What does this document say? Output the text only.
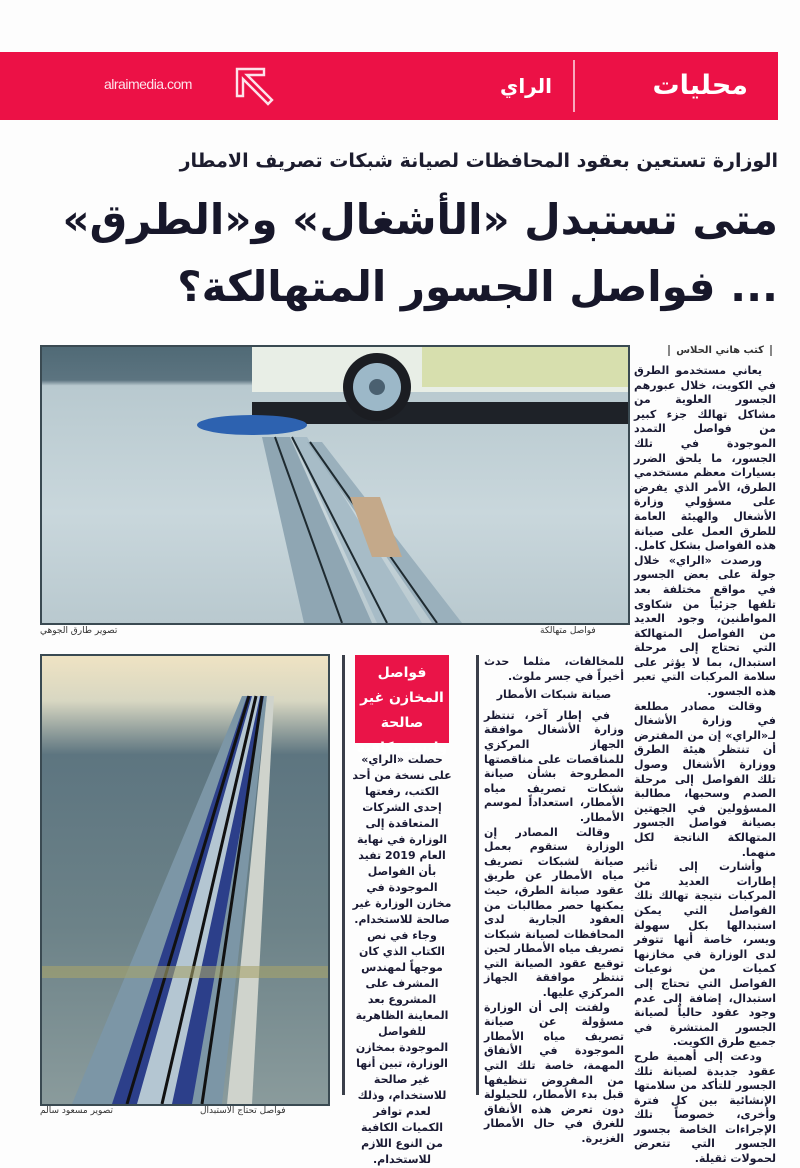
محليات
الراي
alraimedia.com
الوزارة تستعين بعقود المحافظات لصيانة شبكات تصريف الامطار
متى تستبدل «الأشغال» و«الطرق»
... فواصل الجسور المتهالكة؟
تصوير طارق الجوهي	فواصل متهالكة
تصوير مسعود سالم	فواصل تحتاج الاستبدال
كتب هاني الحلاس

يعاني مستخدمو الطرق في الكويت، خلال عبورهم الجسور العلوية من مشاكل تهالك جزء كبير من فواصل التمدد الموجودة في تلك الجسور، ما يلحق الضرر بسيارات معظم مستخدمي الطرق، الأمر الذي يفرض على مسؤولي وزارة الأشغال والهيئة العامة للطرق العمل على صيانة هذه الفواصل بشكل كامل.

ورصدت «الراي» خلال جولة على بعض الجسور في مواقع مختلفة بعد تلفها جزئياً من شكاوى المواطنين، وجود العديد من الفواصل المتهالكة التي تحتاج إلى مرحلة استبدال، بما لا يؤثر على سلامة المركبات التي تعبر هذه الجسور.

وقالت مصادر مطلعة في وزارة الأشغال لـ«الراي» إن من المفترض أن تنتظر هيئة الطرق ووزارة الأشغال وصول تلك الفواصل إلى مرحلة الصدم وسحبها، مطالبة المسؤولين في الجهتين بصيانة فواصل الجسور المتهالكة الناتجة لكل منهما.

وأشارت إلى تأثير إطارات العديد من المركبات نتيجة تهالك تلك الفواصل التي يمكن استبدالها بكل سهولة ويسر، خاصة أنها تتوفر لدى الوزارة في مخازنها كميات من نوعيات الفواصل التي تحتاج إلى استبدال، إضافة إلى عدم وجود عقود حالياً لصيانة الجسور المنتشرة في جميع طرق الكويت.

ودعت إلى أهمية طرح عقود جديدة لصيانة تلك الجسور للتأكد من سلامتها الإنشائية بين كل فترة وأخرى، خصوصاً تلك الإجراءات الخاصة بجسور الجسور التي تتعرض لحمولات ثقيلة.

للمخالفات، مثلما حدث أخيراً في جسر ملوث.

صيانة شبكات الأمطار

في إطار آخر، تنتظر وزارة الأشغال موافقة الجهاز المركزي للمناقصات على مناقصتها المطروحة بشأن صيانة شبكات تصريف مياه الأمطار، استعداداً لموسم الأمطار.

وقالت المصادر إن الوزارة ستقوم بعمل صيانة لشبكات تصريف مياه الأمطار عن طريق عقود صيانة الطرق، حيث يمكنها حصر مطالبات من العقود الجارية لدى المحافظات لصيانة شبكات تصريف مياه الأمطار لحين توقيع عقود الصيانة التي تنتظر موافقة الجهاز المركزي عليها.

ولفتت إلى أن الوزارة مسؤولة عن صيانة تصريف مياه الأمطار الموجودة في الأنفاق المهمة، خاصة تلك التي من المفروض تنظيفها قبل بدء الأمطار، للحيلولة دون تعرض هذه الأنفاق للغرق في حال الأمطار الغزيرة.

فواصل المخازن غير صالحة وليست كافية

حصلت «الراي» على نسخة من أحد الكتب، رفعتها إحدى الشركات المتعاقدة إلى الوزارة في نهاية العام 2019 تفيد بأن الفواصل الموجودة في مخازن الوزارة غير صالحة للاستخدام. وجاء في نص الكتاب الذي كان موجهاً لمهندس المشرف على المشروع بعد المعاينة الظاهرية للفواصل الموجودة بمخازن الوزارة، تبين أنها غير صالحة للاستخدام، وذلك لعدم توافر الكميات الكافية من النوع اللازم للاستخدام.
